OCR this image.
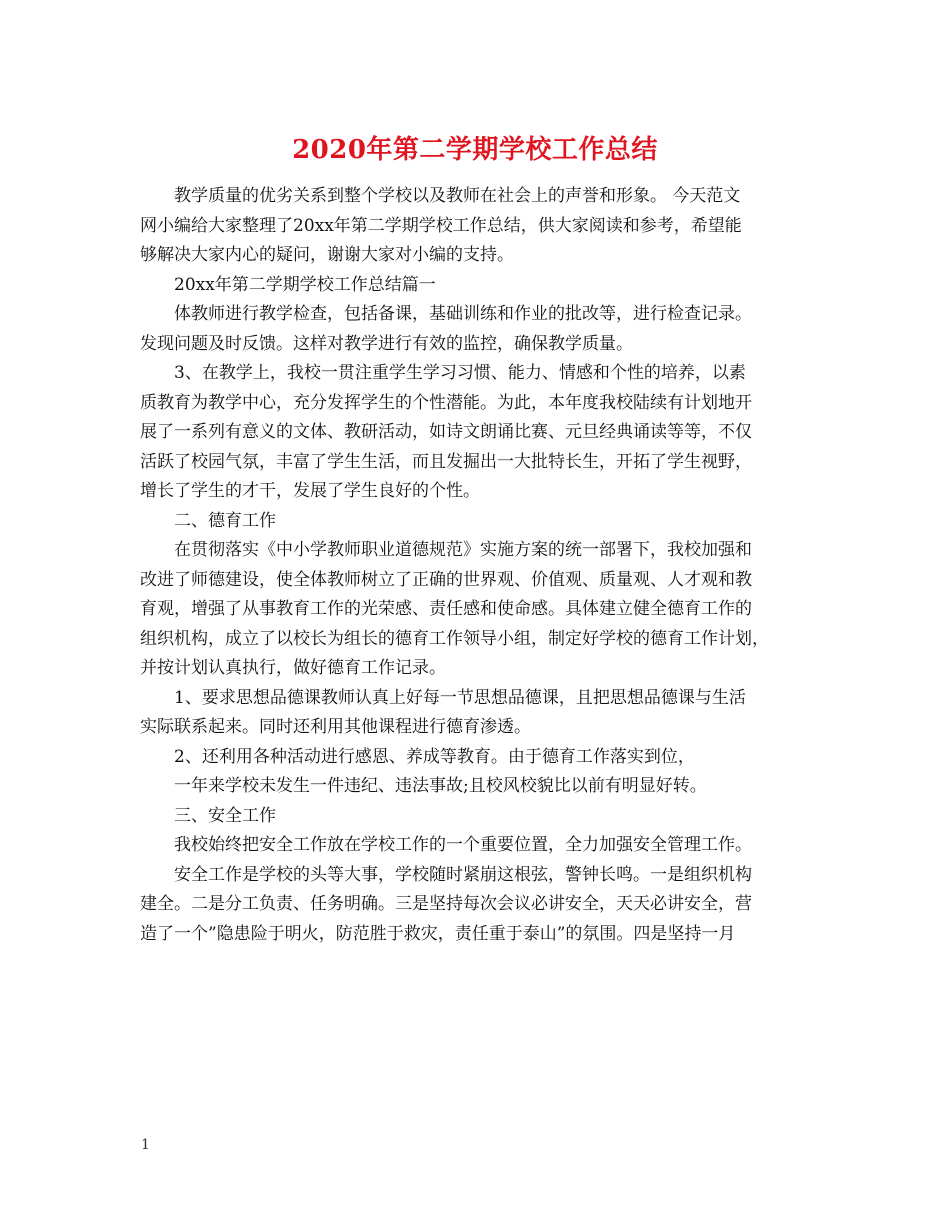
2020年第二学期学校工作总结
教学质量的优劣关系到整个学校以及教师在社会上的声誉和形象。 今天范文
网小编给大家整理了20xx年第二学期学校工作总结，供大家阅读和参考，希望能
够解决大家内心的疑问，谢谢大家对小编的支持。
20xx年第二学期学校工作总结篇一
体教师进行教学检查，包括备课，基础训练和作业的批改等，进行检查记录。
发现问题及时反馈。这样对教学进行有效的监控，确保教学质量。
3、在教学上，我校一贯注重学生学习习惯、能力、情感和个性的培养，以素
质教育为教学中心，充分发挥学生的个性潜能。为此，本年度我校陆续有计划地开
展了一系列有意义的文体、教研活动，如诗文朗诵比赛、元旦经典诵读等等，不仅
活跃了校园气氛，丰富了学生生活，而且发掘出一大批特长生，开拓了学生视野，
增长了学生的才干，发展了学生良好的个性。
二、德育工作
在贯彻落实《中小学教师职业道德规范》实施方案的统一部署下，我校加强和
改进了师德建设，使全体教师树立了正确的世界观、价值观、质量观、人才观和教
育观，增强了从事教育工作的光荣感、责任感和使命感。具体建立健全德育工作的
组织机构，成立了以校长为组长的德育工作领导小组，制定好学校的德育工作计划，
并按计划认真执行，做好德育工作记录。
1、要求思想品德课教师认真上好每一节思想品德课，且把思想品德课与生活
实际联系起来。同时还利用其他课程进行德育渗透。
2、还利用各种活动进行感恩、养成等教育。由于德育工作落实到位，
一年来学校未发生一件违纪、违法事故;且校风校貌比以前有明显好转。
三、安全工作
我校始终把安全工作放在学校工作的一个重要位置，全力加强安全管理工作。
安全工作是学校的头等大事，学校随时紧崩这根弦，警钟长鸣。一是组织机构
建全。二是分工负责、任务明确。三是坚持每次会议必讲安全，天天必讲安全，营
造了一个”隐患险于明火，防范胜于救灾，责任重于泰山”的氛围。四是坚持一月
1
